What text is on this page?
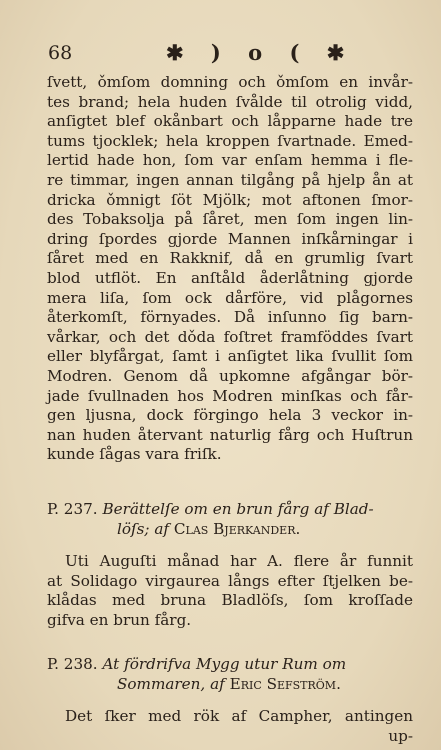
68	✱ ) o ( ✱
ſvett, ǒmſom domning och ǒmſom en invår-
tes brand; hela huden ſvålde til otrolig vidd,
anſigtet blef okånbart och låpparne hade tre
tums tjocklek; hela kroppen ſvartnade. Emed-
lertid hade hon, ſom var enſam hemma i fle-
re timmar, ingen annan tilgång på hjelp ån at
dricka ǒmnigt ſöt Mjölk; mot aftonen ſmor-
des Tobaksolja på ſåret, men ſom ingen lin-
dring ſpordes gjorde Mannen inſkårningar i
ſåret med en Rakknif, då en grumlig ſvart
blod utflöt. En anſtåld åderlåtning gjorde
mera liſa, ſom ock dårföre, vid plågornes
återkomſt, förnyades. Då inſunno ſig barn-
vårkar, och det dǒda foſtret framföddes ſvart
eller blyfårgat, ſamt i anſigtet lika ſvullit ſom
Modren. Genom då upkomne afgångar bör-
jade ſvullnaden hos Modren minſkas och får-
gen ljusna, dock förgingo hela 3 veckor in-
nan huden återvant naturlig fårg och Huſtrun
kunde ſågas vara friſk.
P. 237. Berättelſe om en brun fårg af Blad-
löſs; af Clas Bjerkander.
Uti Auguſti månad har A. flere år funnit
at Solidago virgaurea långs efter ſtjelken be-
klådas med bruna Bladlöſs, ſom kroſſade
gifva en brun fårg.
P. 238. At fördrifva Mygg utur Rum om
Sommaren, af Eric Sefström.
Det ſker med rök af Campher, antingen
up-
